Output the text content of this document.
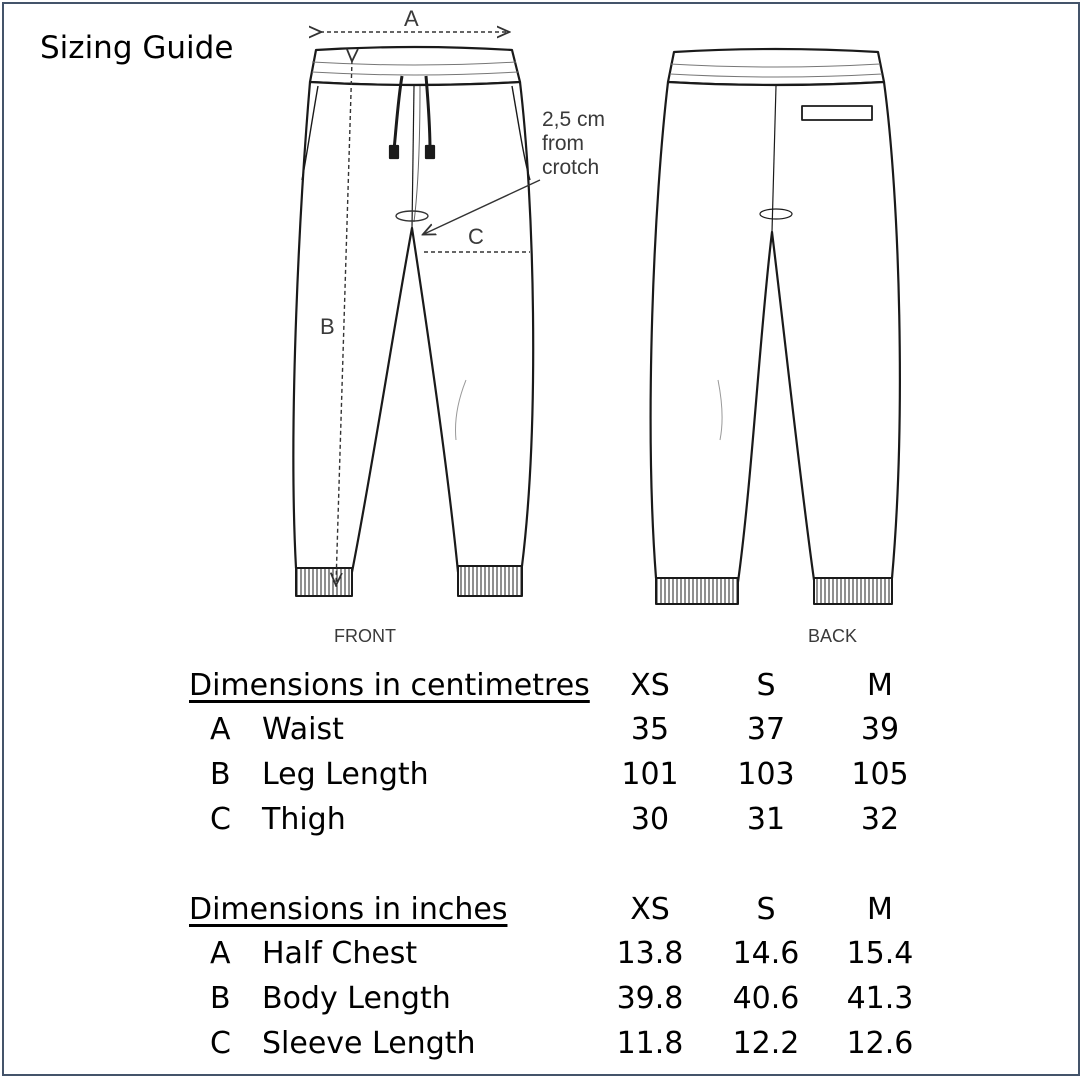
Sizing Guide
A
B
C
2,5 cm
from
crotch
FRONT	BACK
Dimensions in centimetres	XS	S	M
A Waist	35	37	39
B Leg Length	101	103	105
C Thigh	30	31	32
Dimensions in inches	XS	S	M
A Half Chest	13.8	14.6	15.4
B Body Length	39.8	40.6	41.3
C Sleeve Length	11.8	12.2	12.6
